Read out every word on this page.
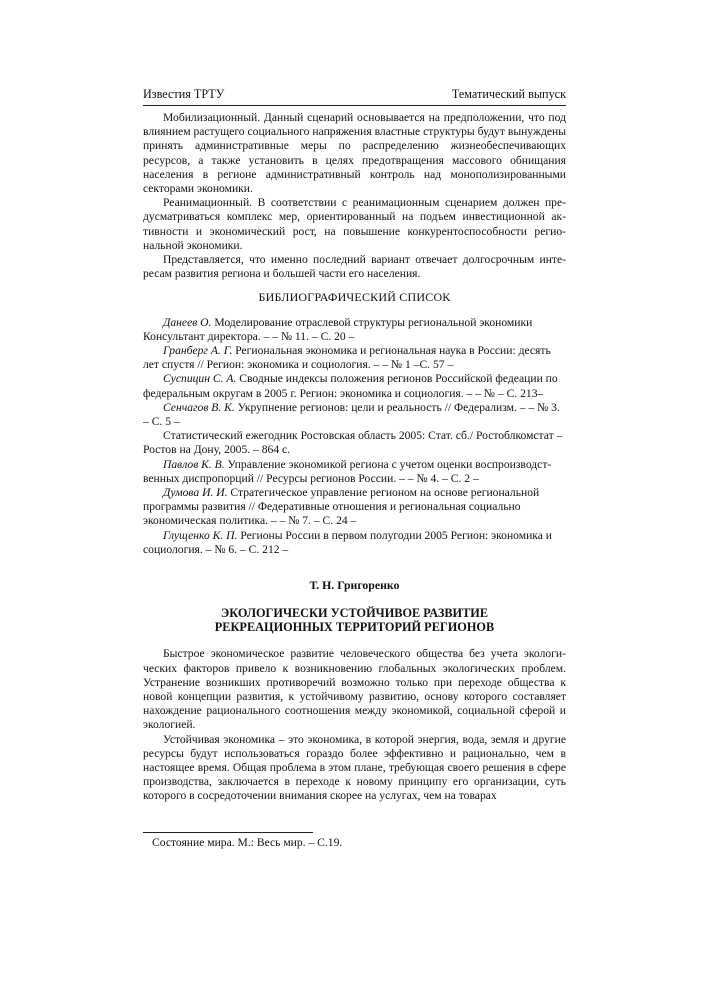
Известия ТРТУ	Тематический выпуск

Мобилизационный. Данный сценарий основывается на предположении, что под влиянием растущего социального напряжения властные структуры будут вынуждены принять административные меры по распределению жизнеобеспечивающих ресурсов, а также установить в целях предотвращения массового обнищания населения в регионе административный контроль над монополизированными секторами экономики.

Реанимационный. В соответствии с реанимационным сценарием должен предусматриваться комплекс мер, ориентированный на подъем инвестиционной активности и экономический рост, на повышение конкурентоспособности региональной экономики.

Представляется, что именно последний вариант отвечает долгосрочным интересам развития региона и большей части его населения.

БИБЛИОГРАФИЧЕСКИЙ СПИСОК

Данеев О. Моделирование отраслевой структуры региональной экономики Консультант директора. – – № 11. – С. 20 –

Гранберг А. Г. Региональная экономика и региональная наука в России: десять лет спустя // Регион: экономика и социология. – – № 1 –С. 57 –

Суспицин С. А. Сводные индексы положения регионов Российской федеации по федеральным округам в 2005 г. Регион: экономика и социология. – – № – С. 213–

Сенчагов В. К. Укрупнение регионов: цели и реальность // Федерализм. – – № 3. – С. 5 –

Статистический ежегодник Ростовская область 2005: Стат. сб./ Ростоблкомстат – Ростов на Дону, 2005. – 864 с.

Павлов К. В. Управление экономикой региона с учетом оценки воспроизводственных диспропорций // Ресурсы регионов России. – – № 4. – С. 2 –

Думова И. И. Стратегическое управление регионом на основе региональной программы развития // Федеративные отношения и региональная социально экономическая политика. – – № 7. – С. 24 –

Глущенко К. П. Регионы России в первом полугодии 2005 Регион: экономика и социология. – № 6. – С. 212 –

Т. Н. Григоренко

ЭКОЛОГИЧЕСКИ УСТОЙЧИВОЕ РАЗВИТИЕ РЕКРЕАЦИОННЫХ ТЕРРИТОРИЙ РЕГИОНОВ

Быстрое экономическое развитие человеческого общества без учета экологических факторов привело к возникновению глобальных экологических проблем. Устранение возникших противоречий возможно только при переходе общества к новой концепции развития, к устойчивому развитию, основу которого составляет нахождение рационального соотношения между экономикой, социальной сферой и экологией.

Устойчивая экономика – это экономика, в которой энергия, вода, земля и другие ресурсы будут использоваться гораздо более эффективно и рационально, чем в настоящее время. Общая проблема в этом плане, требующая своего решения в сфере производства, заключается в переходе к новому принципу его организации, суть которого в сосредоточении внимания скорее на услугах, чем на товарах

Состояние мира. М.: Весь мир. – С.19.
